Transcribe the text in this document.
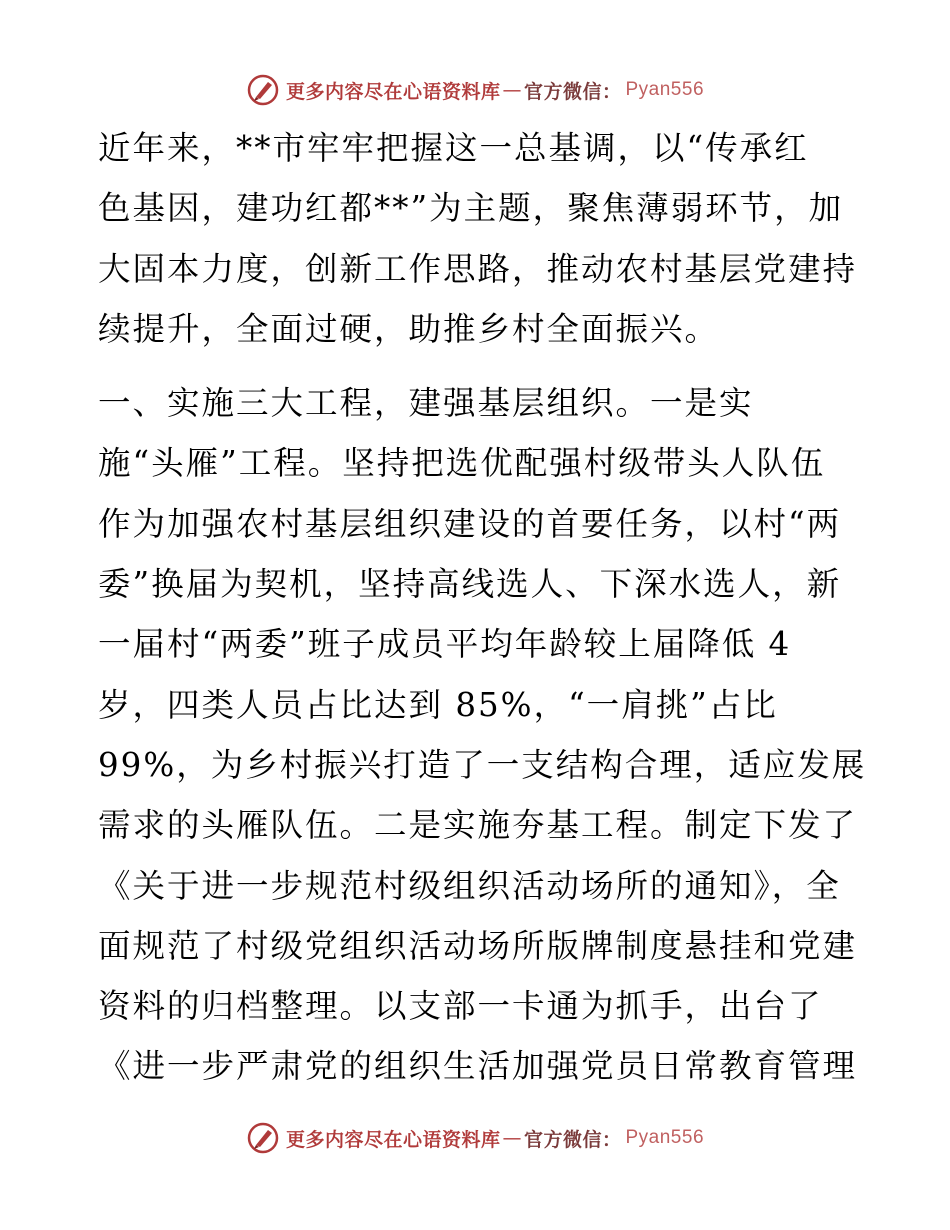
更多内容尽在心语资料库 — 官方微信： Pyan556
近年来，**市牢牢把握这一总基调，以“传承红
色基因，建功红都**”为主题，聚焦薄弱环节，加
大固本力度，创新工作思路，推动农村基层党建持
续提升，全面过硬，助推乡村全面振兴。
一、实施三大工程，建强基层组织。一是实
施“头雁”工程。坚持把选优配强村级带头人队伍
作为加强农村基层组织建设的首要任务，以村“两
委”换届为契机，坚持高线选人、下深水选人，新
一届村“两委”班子成员平均年龄较上届降低 4
岁，四类人员占比达到 85%，“一肩挑”占比
99%，为乡村振兴打造了一支结构合理，适应发展
需求的头雁队伍。二是实施夯基工程。制定下发了
《关于进一步规范村级组织活动场所的通知》，全
面规范了村级党组织活动场所版牌制度悬挂和党建
资料的归档整理。以支部一卡通为抓手，出台了
《进一步严肃党的组织生活加强党员日常教育管理
更多内容尽在心语资料库 — 官方微信： Pyan556
